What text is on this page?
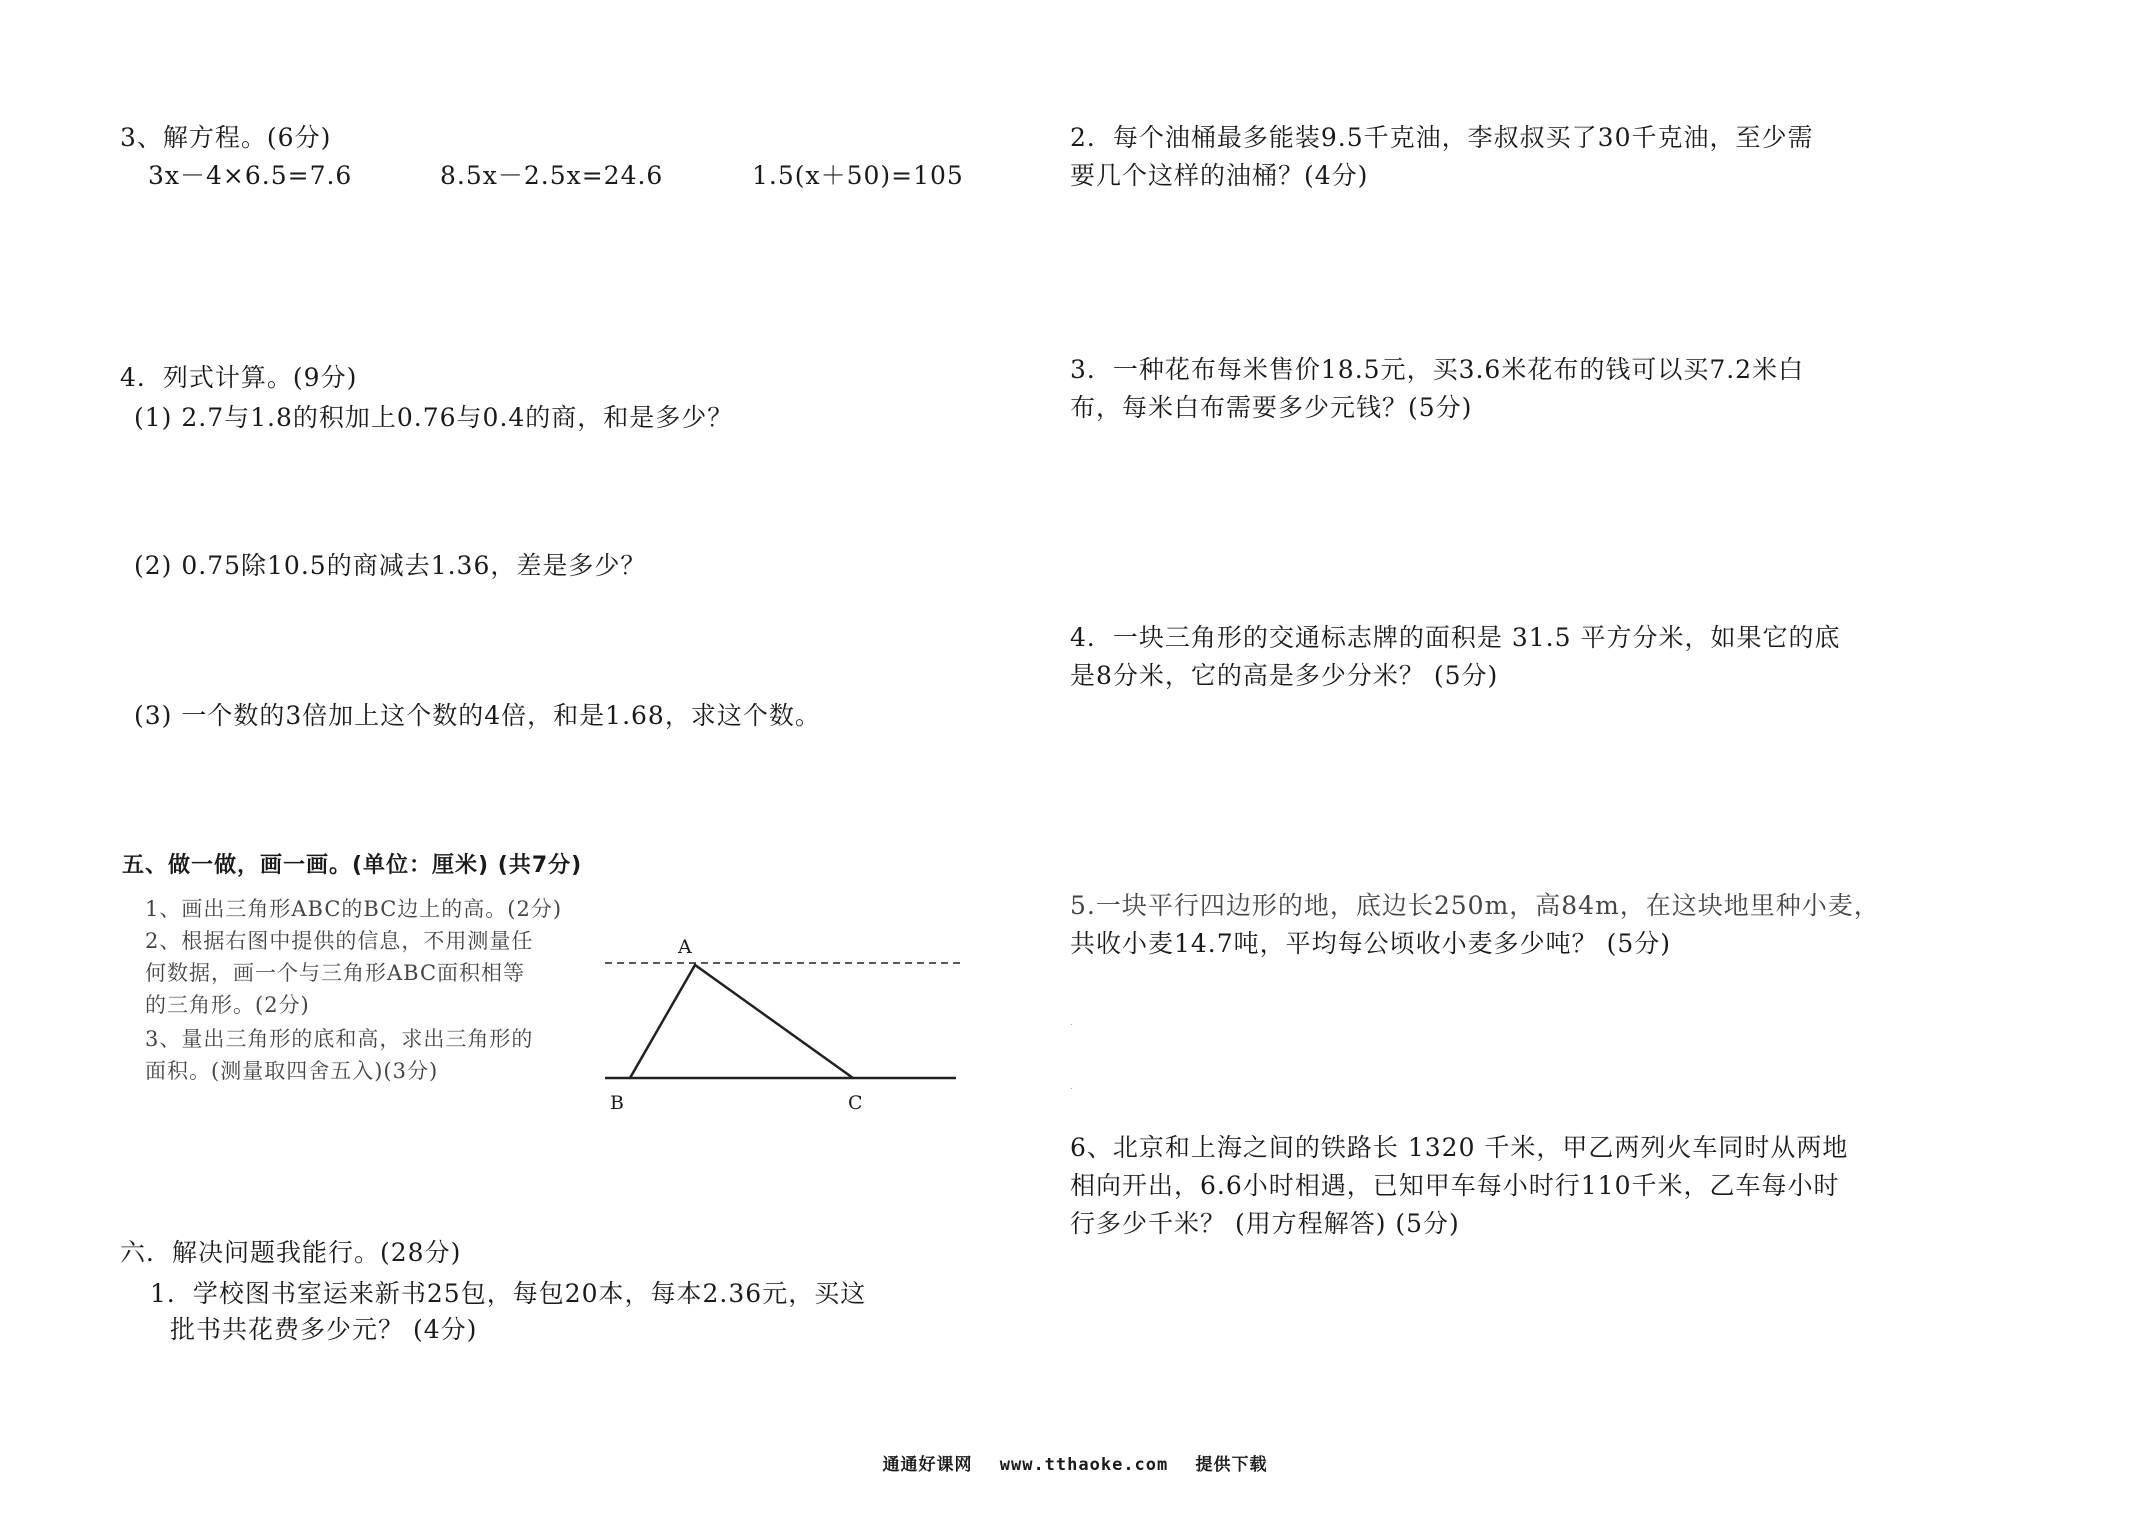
3、解方程。(6分)
3x－4×6.5=7.6	8.5x－2.5x=24.6	1.5(x＋50)=105
4．列式计算。(9分)
(1) 2.7与1.8的积加上0.76与0.4的商，和是多少？
(2) 0.75除10.5的商减去1.36，差是多少？
(3) 一个数的3倍加上这个数的4倍，和是1.68，求这个数。
五、做一做，画一画。(单位：厘米) (共7分)
1、画出三角形ABC的BC边上的高。(2分)
2、根据右图中提供的信息，不用测量任
何数据，画一个与三角形ABC面积相等
的三角形。(2分)
3、量出三角形的底和高，求出三角形的
面积。(测量取四舍五入)(3分)
A
B	C
六．解决问题我能行。(28分)
1．学校图书室运来新书25包，每包20本，每本2.36元，买这
批书共花费多少元？ (4分)
2．每个油桶最多能装9.5千克油，李叔叔买了30千克油，至少需
要几个这样的油桶？(4分)
3．一种花布每米售价18.5元，买3.6米花布的钱可以买7.2米白
布，每米白布需要多少元钱？(5分)
4．一块三角形的交通标志牌的面积是 31.5 平方分米，如果它的底
是8分米，它的高是多少分米？ (5分)
5.一块平行四边形的地，底边长250m，高84m，在这块地里种小麦，
共收小麦14.7吨，平均每公顷收小麦多少吨？ (5分)
.
.
6、北京和上海之间的铁路长 1320 千米，甲乙两列火车同时从两地
相向开出，6.6小时相遇，已知甲车每小时行110千米，乙车每小时
行多少千米？ (用方程解答) (5分)
通通好课网 www.tthaoke.com 提供下载
